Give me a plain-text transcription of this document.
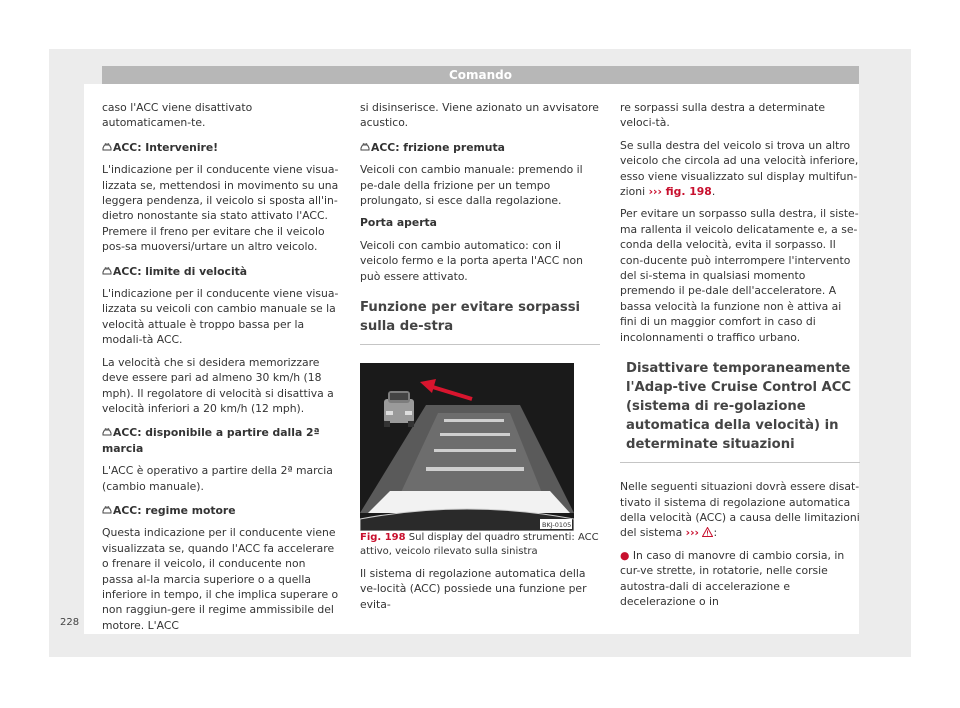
Comando

caso l'ACC viene disattivato automaticamen-te.

ACC: Intervenire!

L'indicazione per il conducente viene visua-lizzata se, mettendosi in movimento su una leggera pendenza, il veicolo si sposta all'in-dietro nonostante sia stato attivato l'ACC. Premere il freno per evitare che il veicolo pos-sa muoversi/urtare un altro veicolo.

ACC: limite di velocità

L'indicazione per il conducente viene visua-lizzata su veicoli con cambio manuale se la velocità attuale è troppo bassa per la modali-tà ACC.

La velocità che si desidera memorizzare deve essere pari ad almeno 30 km/h (18 mph). Il regolatore di velocità si disattiva a velocità inferiori a 20 km/h (12 mph).

ACC: disponibile a partire dalla 2ª marcia

L'ACC è operativo a partire della 2ª marcia (cambio manuale).

ACC: regime motore

Questa indicazione per il conducente viene visualizzata se, quando l'ACC fa accelerare o frenare il veicolo, il conducente non passa al-la marcia superiore o a quella inferiore in tempo, il che implica superare o non raggiun-gere il regime ammissibile del motore. L'ACC

si disinserisce. Viene azionato un avvisatore acustico.

ACC: frizione premuta

Veicoli con cambio manuale: premendo il pe-dale della frizione per un tempo prolungato, si esce dalla regolazione.

Porta aperta

Veicoli con cambio automatico: con il veicolo fermo e la porta aperta l'ACC non può essere attivato.

Funzione per evitare sorpassi sulla de-stra
BKJ-0105

Fig. 198 Sul display del quadro strumenti: ACC attivo, veicolo rilevato sulla sinistra

Il sistema di regolazione automatica della ve-locità (ACC) possiede una funzione per evita-

re sorpassi sulla destra a determinate veloci-tà.

Se sulla destra del veicolo si trova un altro veicolo che circola ad una velocità inferiore, esso viene visualizzato sul display multifun-zioni ››› fig. 198.

Per evitare un sorpasso sulla destra, il siste-ma rallenta il veicolo delicatamente e, a se-conda della velocità, evita il sorpasso. Il con-ducente può interrompere l'intervento del si-stema in qualsiasi momento premendo il pe-dale dell'acceleratore. A bassa velocità la funzione non è attiva ai fini di un maggior comfort in caso di incolonnamenti o traffico urbano.

Disattivare temporaneamente l'Adap-tive Cruise Control ACC (sistema di re-golazione automatica della velocità) in determinate situazioni

Nelle seguenti situazioni dovrà essere disat-tivato il sistema di regolazione automatica della velocità (ACC) a causa delle limitazioni del sistema ››› :

● In caso di manovre di cambio corsia, in cur-ve strette, in rotatorie, nelle corsie autostra-dali di accelerazione e decelerazione o in

228
